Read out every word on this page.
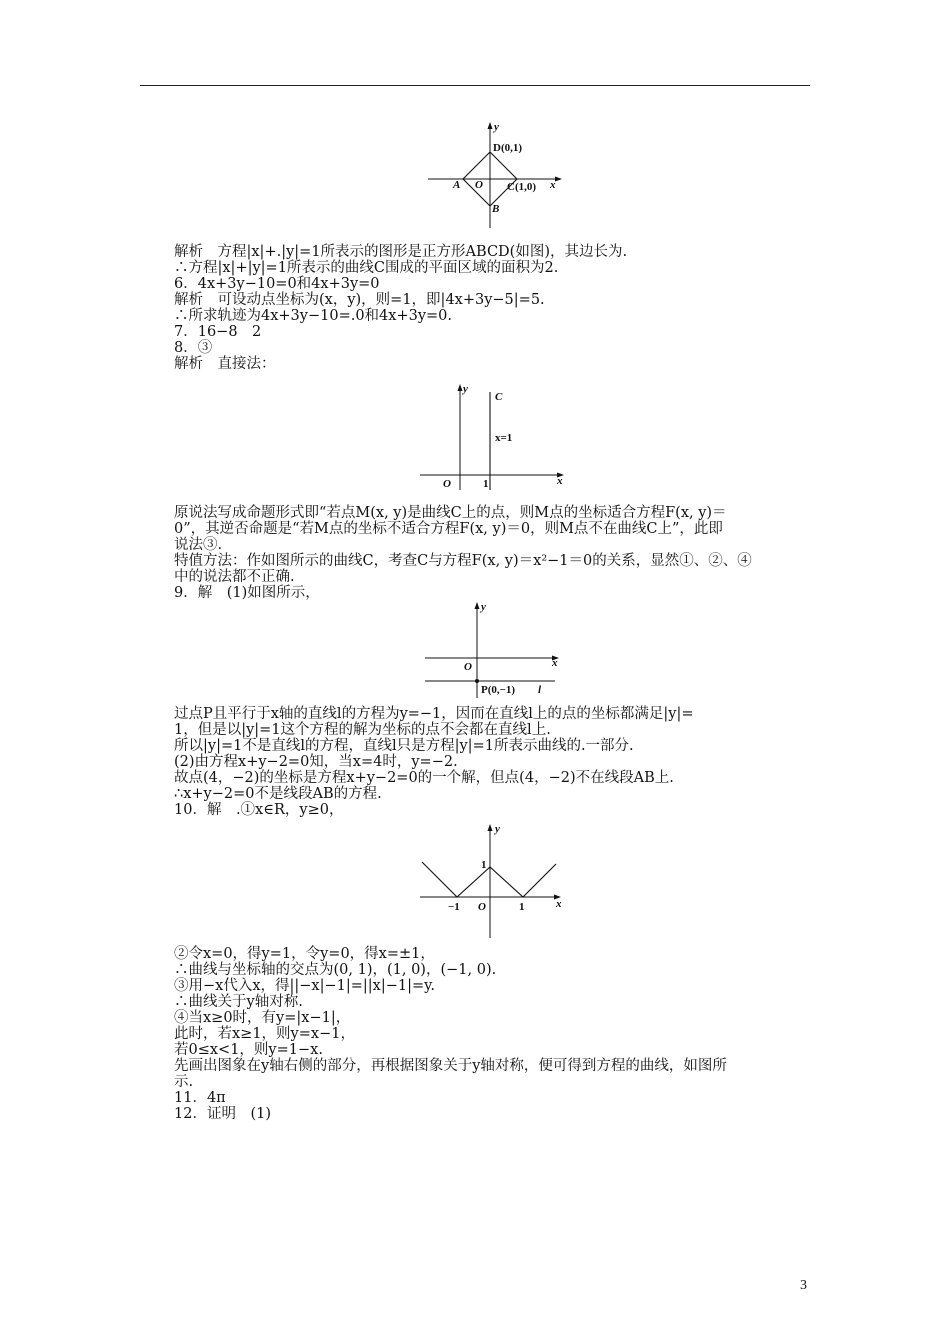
y
D(0,1)
A O C(1,0)
B
x
解析　方程|x|+.|y|=1所表示的图形是正方形ABCD(如图)，其边长为.
∴方程|x|+|y|=1所表示的曲线C围成的平面区域的面积为2.
6．4x+3y−10=0和4x+3y=0
解析　可设动点坐标为(x，y)，则=1，即|4x+3y−5|=5.
∴所求轨迹为4x+3y−10=.0和4x+3y=0.
7．16−8　2
8．③
解析　直接法：
y
C
x=1
O	1	x
原说法写成命题形式即“若点M(x, y)是曲线C上的点，则M点的坐标适合方程F(x, y)＝
0”，其逆否命题是“若M点的坐标不适合方程F(x, y)＝0，则M点不在曲线C上”，此即
说法③.
特值方法：作如图所示的曲线C，考查C与方程F(x, y)＝x²−1＝0的关系，显然①、②、④
中的说法都不正确.
9．解　(1)如图所示，
y
O
P(0,−1) l
x
过点P且平行于x轴的直线l的方程为y=−1，因而在直线l上的点的坐标都满足|y|=
1，但是以|y|=1这个方程的解为坐标的点不会都在直线l上.
所以|y|=1不是直线l的方程，直线l只是方程|y|=1所表示曲线的.一部分.
(2)由方程x+y−2=0知，当x=4时，y=−2.
故点(4，−2)的坐标是方程x+y−2=0的一个解，但点(4，−2)不在线段AB上.
∴x+y−2=0不是线段AB的方程.
10．解　.①x∈R，y≥0，
y
1
−1 O	1	x
②令x=0，得y=1，令y=0，得x=±1，
∴曲线与坐标轴的交点为(0, 1)，(1, 0)，(−1, 0).
③用−x代入x，得||−x|−1|=||x|−1|=y.
∴曲线关于y轴对称.
④当x≥0时，有y=|x−1|，
此时，若x≥1，则y=x−1，
若0≤x<1，则y=1−x.
先画出图象在y轴右侧的部分，再根据图象关于y轴对称，便可得到方程的曲线，如图所
示.
11．4π
12．证明　(1)
3
